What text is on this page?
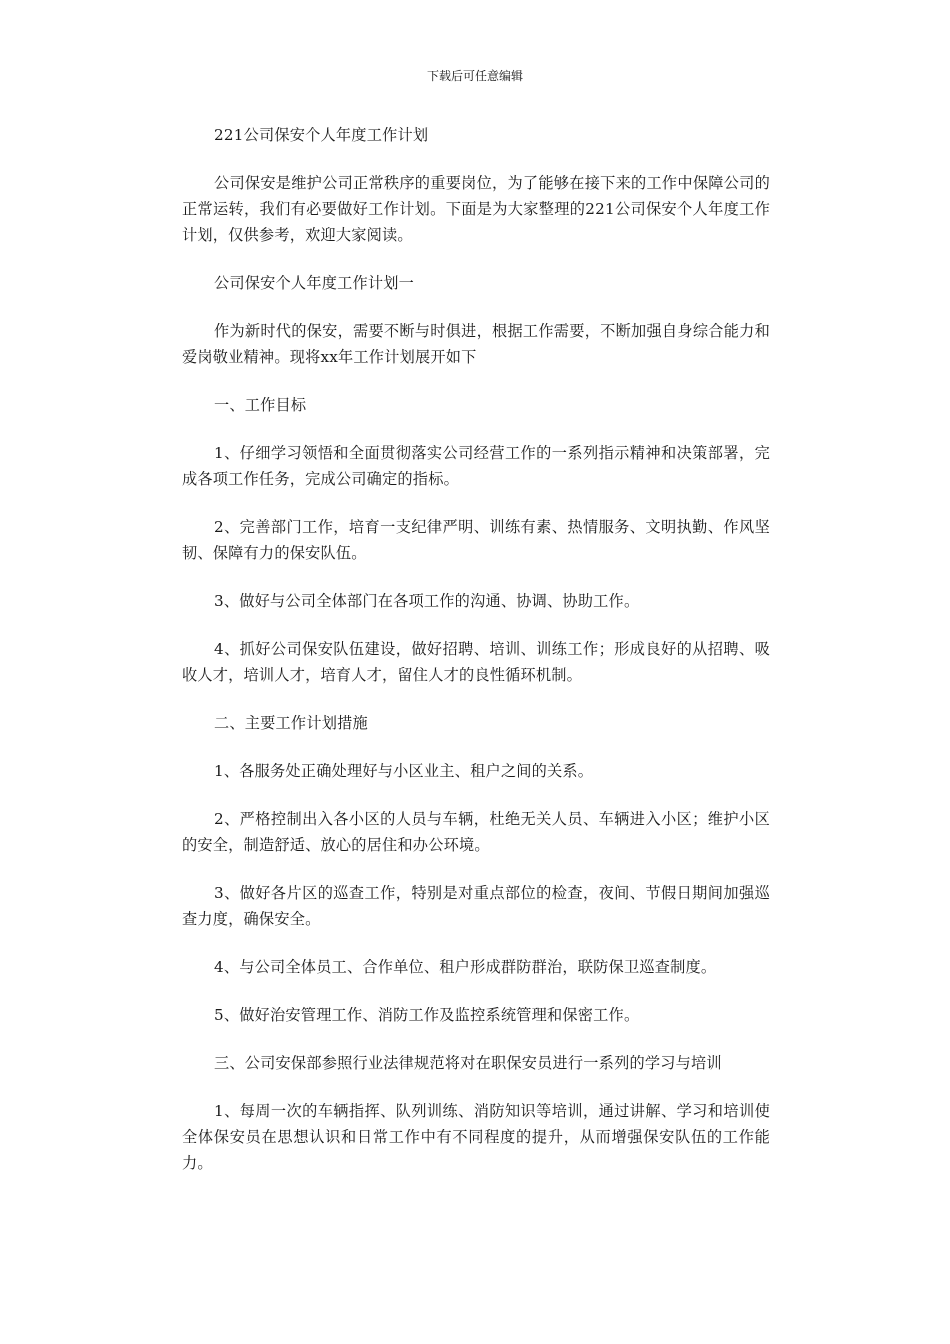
下载后可任意编辑

221公司保安个人年度工作计划

公司保安是维护公司正常秩序的重要岗位，为了能够在接下来的工作中保障公司的正常运转，我们有必要做好工作计划。下面是为大家整理的221公司保安个人年度工作计划，仅供参考，欢迎大家阅读。

公司保安个人年度工作计划一

作为新时代的保安，需要不断与时俱进，根据工作需要，不断加强自身综合能力和爱岗敬业精神。现将xx年工作计划展开如下

一、工作目标

1、仔细学习领悟和全面贯彻落实公司经营工作的一系列指示精神和决策部署，完成各项工作任务，完成公司确定的指标。

2、完善部门工作，培育一支纪律严明、训练有素、热情服务、文明执勤、作风坚韧、保障有力的保安队伍。

3、做好与公司全体部门在各项工作的沟通、协调、协助工作。

4、抓好公司保安队伍建设，做好招聘、培训、训练工作；形成良好的从招聘、吸收人才，培训人才，培育人才，留住人才的良性循环机制。

二、主要工作计划措施

1、各服务处正确处理好与小区业主、租户之间的关系。

2、严格控制出入各小区的人员与车辆，杜绝无关人员、车辆进入小区；维护小区的安全，制造舒适、放心的居住和办公环境。

3、做好各片区的巡查工作，特别是对重点部位的检查，夜间、节假日期间加强巡查力度，确保安全。

4、与公司全体员工、合作单位、租户形成群防群治，联防保卫巡查制度。

5、做好治安管理工作、消防工作及监控系统管理和保密工作。

三、公司安保部参照行业法律规范将对在职保安员进行一系列的学习与培训

1、每周一次的车辆指挥、队列训练、消防知识等培训，通过讲解、学习和培训使全体保安员在思想认识和日常工作中有不同程度的提升，从而增强保安队伍的工作能力。
